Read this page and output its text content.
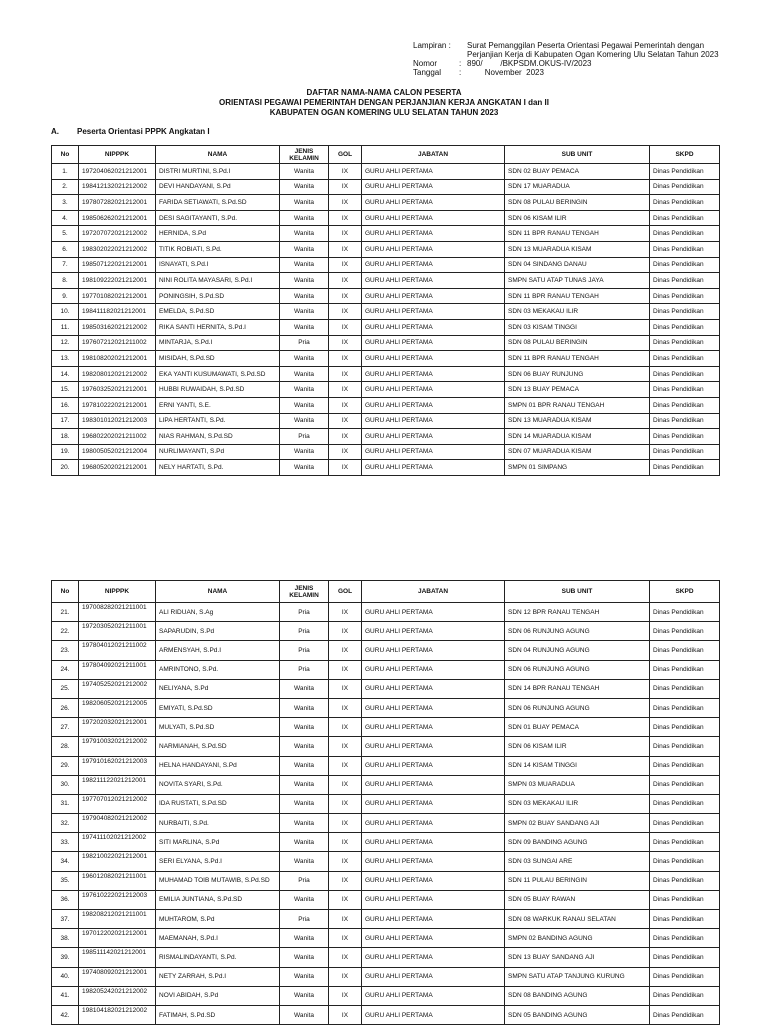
Lampiran :		Surat Pemanggilan Peserta Orientasi Pegawai Pemerintah dengan
		Perjanjian Kerja di Kabupaten Ogan Komering Ulu Selatan Tahun 2023
Nomor	:	890/        /BKPSDM.OKUS-IV/2023
Tanggal	:	November  2023
DAFTAR NAMA-NAMA CALON PESERTA
ORIENTASI PEGAWAI PEMERINTAH DENGAN PERJANJIAN KERJA ANGKATAN I dan II
KABUPATEN OGAN KOMERING ULU SELATAN TAHUN 2023
A. Peserta Orientasi PPPK Angkatan I
No	NIPPPK	NAMA	JENIS KELAMIN	GOL	JABATAN	SUB UNIT	SKPD
1.	197204062021212001	DISTRI MURTINI, S.Pd.I	Wanita	IX	GURU AHLI PERTAMA	SDN 02 BUAY PEMACA	Dinas Pendidikan
2.	198412132021212002	DEVI HANDAYANI, S.Pd	Wanita	IX	GURU AHLI PERTAMA	SDN 17 MUARADUA	Dinas Pendidikan
3.	197807282021212001	FARIDA SETIAWATI, S.Pd.SD	Wanita	IX	GURU AHLI PERTAMA	SDN 08 PULAU BERINGIN	Dinas Pendidikan
4.	198506262021212001	DESI SAGITAYANTI, S.Pd.	Wanita	IX	GURU AHLI PERTAMA	SDN 06 KISAM ILIR	Dinas Pendidikan
5.	197207072021212002	HERNIDA, S.Pd	Wanita	IX	GURU AHLI PERTAMA	SDN 11 BPR RANAU TENGAH	Dinas Pendidikan
6.	198302022021212002	TITIK ROBIATI, S.Pd.	Wanita	IX	GURU AHLI PERTAMA	SDN 13 MUARADUA KISAM	Dinas Pendidikan
7.	198507122021212001	ISNAYATI, S.Pd.I	Wanita	IX	GURU AHLI PERTAMA	SDN 04 SINDANG DANAU	Dinas Pendidikan
8.	198109222021212001	NINI ROLITA MAYASARI, S.Pd.I	Wanita	IX	GURU AHLI PERTAMA	SMPN SATU ATAP TUNAS JAYA	Dinas Pendidikan
9.	197701082021212001	PONINGSIH, S.Pd.SD	Wanita	IX	GURU AHLI PERTAMA	SDN 11 BPR RANAU TENGAH	Dinas Pendidikan
10.	198411182021212001	EMELDA, S.Pd.SD	Wanita	IX	GURU AHLI PERTAMA	SDN 03 MEKAKAU ILIR	Dinas Pendidikan
11.	198503162021212002	RIKA SANTI HERNITA, S.Pd.I	Wanita	IX	GURU AHLI PERTAMA	SDN 03 KISAM TINGGI	Dinas Pendidikan
12.	197607212021211002	MINTARJA, S.Pd.I	Pria	IX	GURU AHLI PERTAMA	SDN 08 PULAU BERINGIN	Dinas Pendidikan
13.	198108202021212001	MISIDAH, S.Pd.SD	Wanita	IX	GURU AHLI PERTAMA	SDN 11 BPR RANAU TENGAH	Dinas Pendidikan
14.	198208012021212002	EKA YANTI KUSUMAWATI, S.Pd.SD	Wanita	IX	GURU AHLI PERTAMA	SDN 06 BUAY RUNJUNG	Dinas Pendidikan
15.	197603252021212001	HUBBI RUWAIDAH, S.Pd.SD	Wanita	IX	GURU AHLI PERTAMA	SDN 13 BUAY PEMACA	Dinas Pendidikan
16.	197810222021212001	ERNI YANTI, S.E.	Wanita	IX	GURU AHLI PERTAMA	SMPN 01 BPR RANAU TENGAH	Dinas Pendidikan
17.	198301012021212003	LIPA HERTANTI, S.Pd.	Wanita	IX	GURU AHLI PERTAMA	SDN 13 MUARADUA KISAM	Dinas Pendidikan
18.	196802202021211002	NIAS RAHMAN, S.Pd.SD	Pria	IX	GURU AHLI PERTAMA	SDN 14 MUARADUA KISAM	Dinas Pendidikan
19.	198005052021212004	NURLIMAYANTI, S.Pd	Wanita	IX	GURU AHLI PERTAMA	SDN 07 MUARADUA KISAM	Dinas Pendidikan
20.	196805202021212001	NELY HARTATI, S.Pd.	Wanita	IX	GURU AHLI PERTAMA	SMPN 01 SIMPANG	Dinas Pendidikan
No	NIPPPK	NAMA	JENIS KELAMIN	GOL	JABATAN	SUB UNIT	SKPD
21.	197008282021211001	ALI RIDUAN, S.Ag	Pria	IX	GURU AHLI PERTAMA	SDN 12 BPR RANAU TENGAH	Dinas Pendidikan
22.	197203052021211001	SAPARUDIN, S.Pd	Pria	IX	GURU AHLI PERTAMA	SDN 06 RUNJUNG AGUNG	Dinas Pendidikan
23.	197804012021211002	ARMENSYAH, S.Pd.I	Pria	IX	GURU AHLI PERTAMA	SDN 04 RUNJUNG AGUNG	Dinas Pendidikan
24.	197804092021211001	AMRINTONO, S.Pd.	Pria	IX	GURU AHLI PERTAMA	SDN 06 RUNJUNG AGUNG	Dinas Pendidikan
25.	197405252021212002	NELIYANA, S.Pd	Wanita	IX	GURU AHLI PERTAMA	SDN 14 BPR RANAU TENGAH	Dinas Pendidikan
26.	198206052021212005	EMIYATI, S.Pd.SD	Wanita	IX	GURU AHLI PERTAMA	SDN 06 RUNJUNG AGUNG	Dinas Pendidikan
27.	197202032021212001	MULYATI, S.Pd.SD	Wanita	IX	GURU AHLI PERTAMA	SDN 01 BUAY PEMACA	Dinas Pendidikan
28.	197910032021212002	NARMIANAH, S.Pd.SD	Wanita	IX	GURU AHLI PERTAMA	SDN 06 KISAM ILIR	Dinas Pendidikan
29.	197910162021212003	HELNA HANDAYANI, S.Pd	Wanita	IX	GURU AHLI PERTAMA	SDN 14 KISAM TINGGI	Dinas Pendidikan
30.	198211122021212001	NOVITA SYARI, S.Pd.	Wanita	IX	GURU AHLI PERTAMA	SMPN 03 MUARADUA	Dinas Pendidikan
31.	197707012021212002	IDA RUSTATI, S.Pd.SD	Wanita	IX	GURU AHLI PERTAMA	SDN 03 MEKAKAU ILIR	Dinas Pendidikan
32.	197904082021212002	NURBAITI, S.Pd.	Wanita	IX	GURU AHLI PERTAMA	SMPN 02 BUAY SANDANG AJI	Dinas Pendidikan
33.	197411102021212002	SITI MARLINA, S.Pd	Wanita	IX	GURU AHLI PERTAMA	SDN 09 BANDING AGUNG	Dinas Pendidikan
34.	198210022021212001	SERI ELYANA, S.Pd.I	Wanita	IX	GURU AHLI PERTAMA	SDN 03 SUNGAI ARE	Dinas Pendidikan
35.	196012082021211001	MUHAMAD TOIB MUTAWIB, S.Pd.SD	Pria	IX	GURU AHLI PERTAMA	SDN 11 PULAU BERINGIN	Dinas Pendidikan
36.	197610222021212003	EMILIA JUNTIANA, S.Pd.SD	Wanita	IX	GURU AHLI PERTAMA	SDN 05 BUAY RAWAN	Dinas Pendidikan
37.	198208212021211001	MUHTAROM, S.Pd	Pria	IX	GURU AHLI PERTAMA	SDN 08 WARKUK RANAU SELATAN	Dinas Pendidikan
38.	197012202021212001	MAEMANAH, S.Pd.I	Wanita	IX	GURU AHLI PERTAMA	SMPN 02 BANDING AGUNG	Dinas Pendidikan
39.	198511142021212001	RISMALINDAYANTI, S.Pd.	Wanita	IX	GURU AHLI PERTAMA	SDN 13 BUAY SANDANG AJI	Dinas Pendidikan
40.	197408092021212001	NETY ZARRAH, S.Pd.I	Wanita	IX	GURU AHLI PERTAMA	SMPN SATU ATAP TANJUNG KURUNG	Dinas Pendidikan
41.	198205242021212002	NOVI ABIDAH, S.Pd	Wanita	IX	GURU AHLI PERTAMA	SDN 08 BANDING AGUNG	Dinas Pendidikan
42.	198104182021212002	FATIMAH, S.Pd.SD	Wanita	IX	GURU AHLI PERTAMA	SDN 05 BANDING AGUNG	Dinas Pendidikan
